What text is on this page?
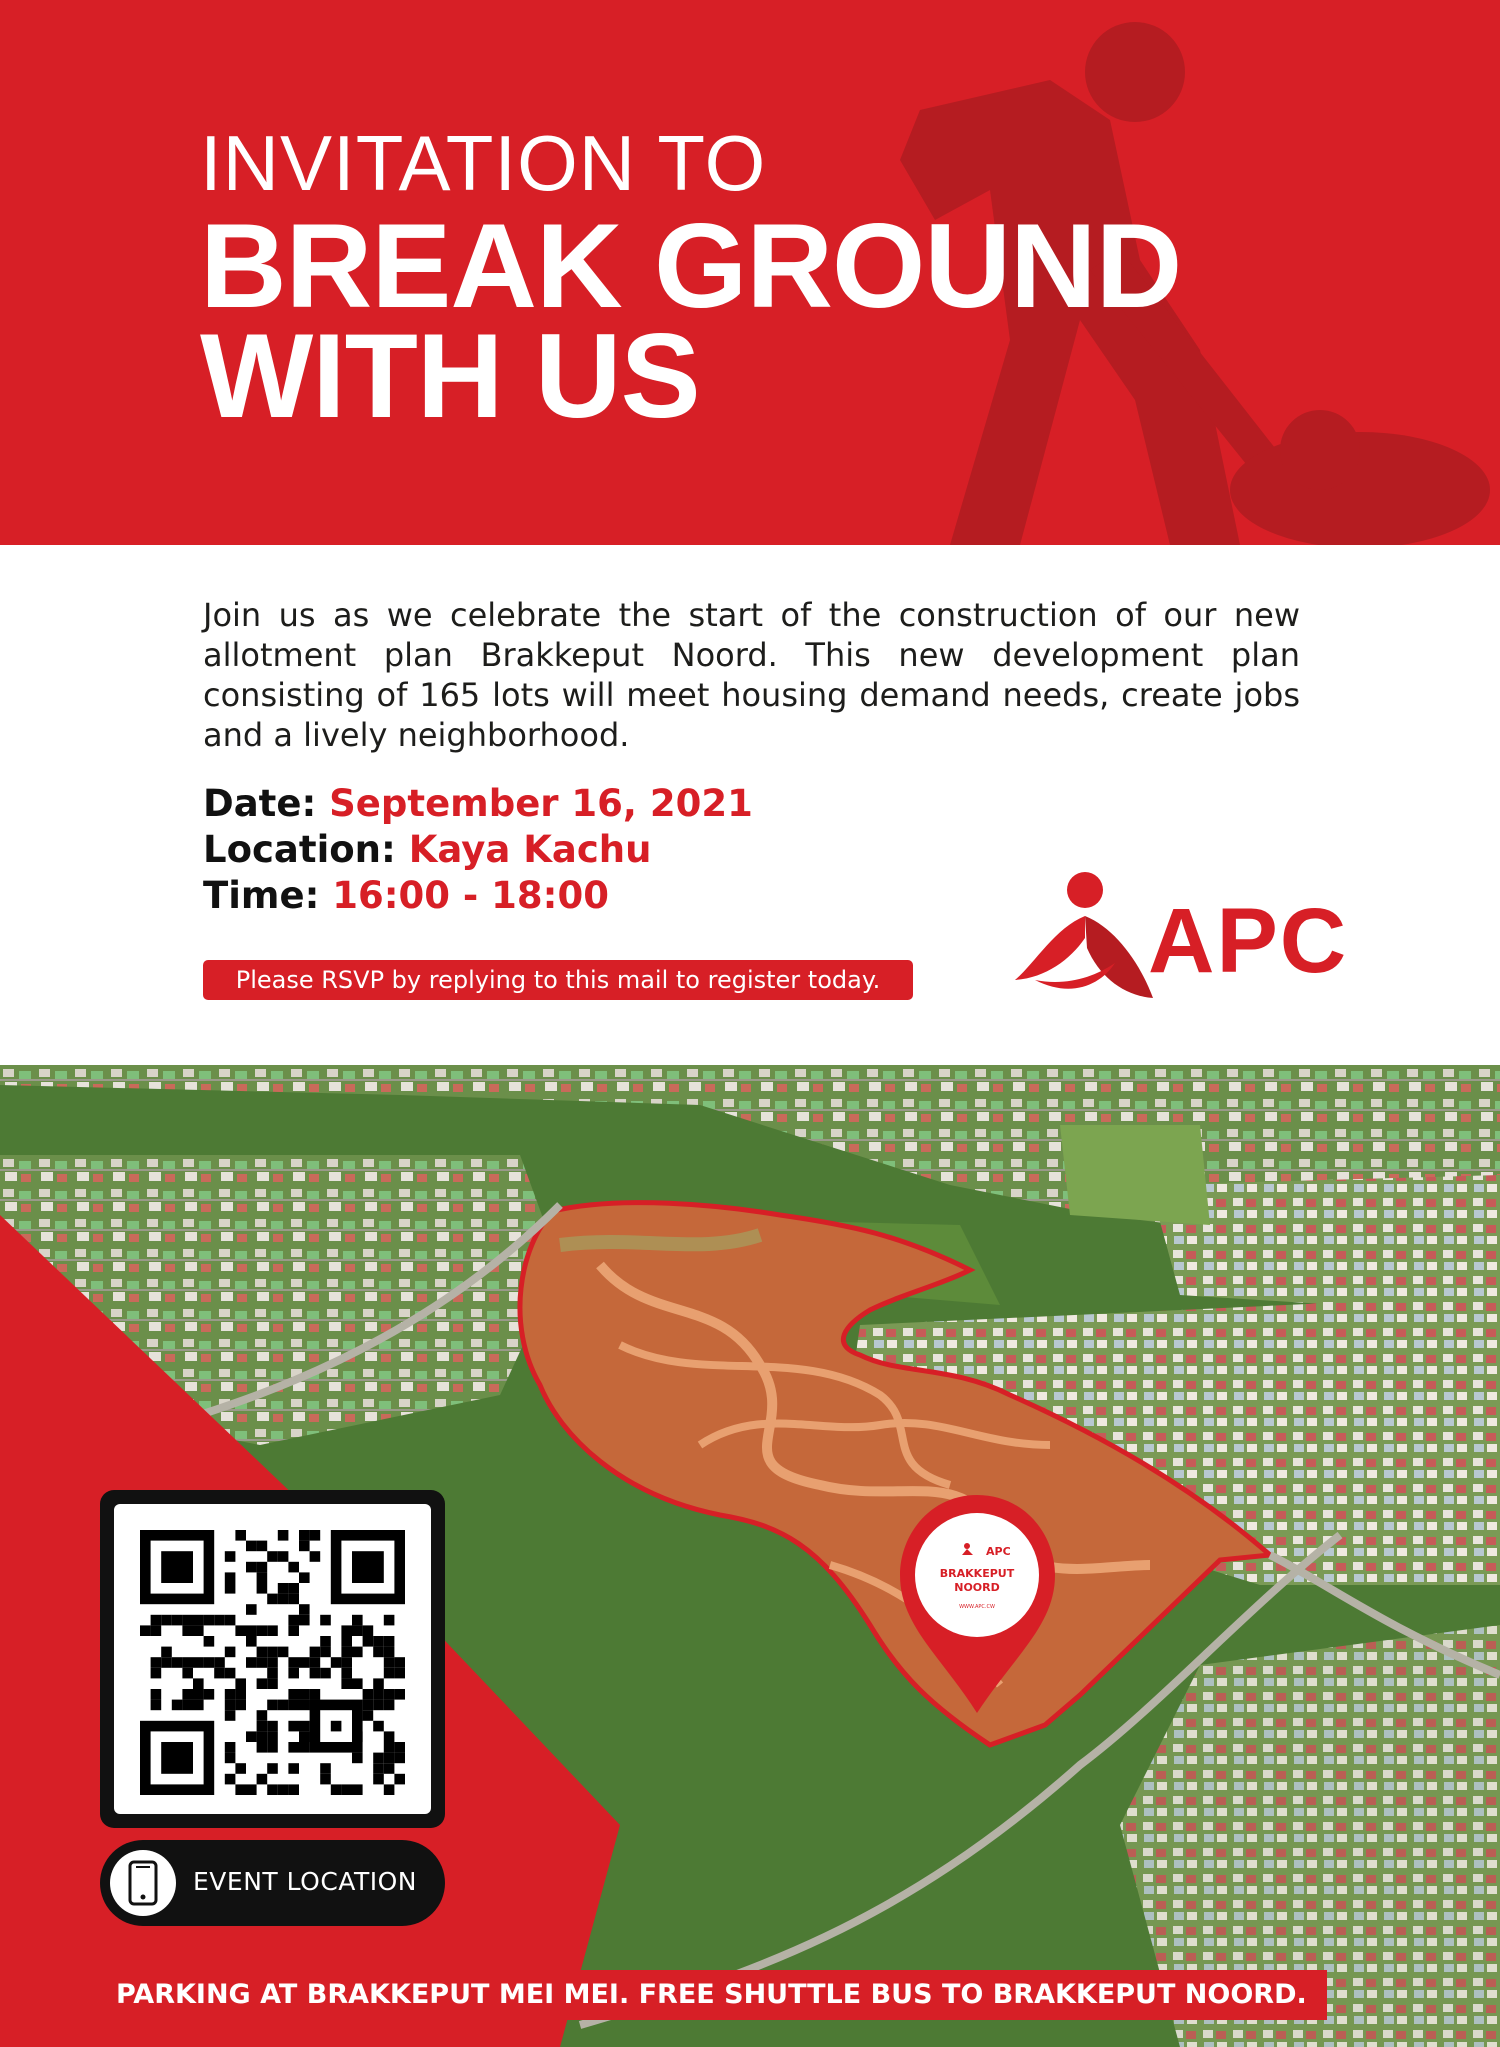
INVITATION TO
BREAK GROUND
WITH US

Join us as we celebrate the start of the construction of our new allotment plan Brakkeput Noord. This new development plan consisting of 165 lots will meet housing demand needs, create jobs and a lively neighborhood.

Date: September 16, 2021
Location: Kaya Kachu
Time: 16:00 - 18:00
Please RSVP by replying to this mail to register today.	APC
APC
BRAKKEPUT
NOORD
WWW.APC.CW
EVENT LOCATION
PARKING AT BRAKKEPUT MEI MEI. FREE SHUTTLE BUS TO BRAKKEPUT NOORD.
